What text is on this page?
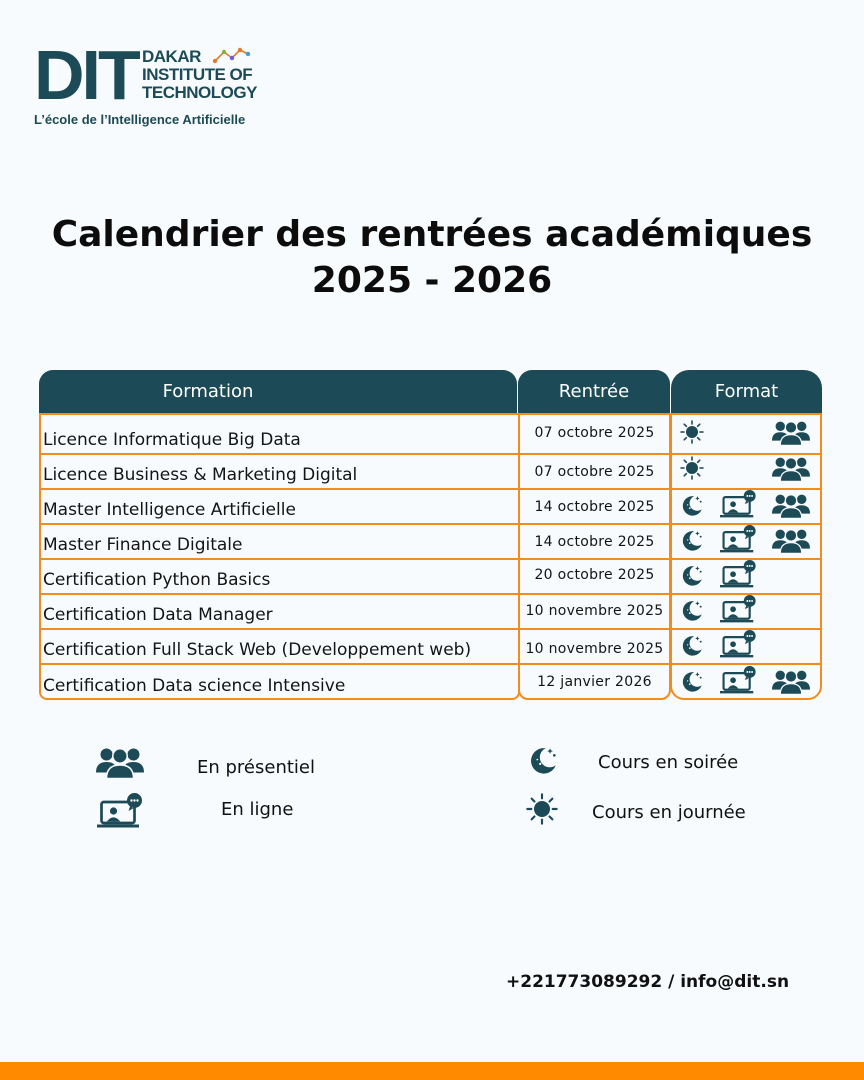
DIT DAKAR
INSTITUTE OF
TECHNOLOGY
L’école de l’Intelligence Artificielle
Calendrier des rentrées académiques
2025 - 2026
Formation	Rentrée	Format
Licence Informatique Big Data	07 octobre 2025
Licence Business & Marketing Digital	07 octobre 2025
Master Intelligence Artificielle	14 octobre 2025
Master Finance Digitale	14 octobre 2025
Certification Python Basics	20 octobre 2025
Certification Data Manager	10 novembre 2025
Certification Full Stack Web (Developpement web)	10 novembre 2025
Certification Data science Intensive	12 janvier 2026
En présentiel
En ligne
Cours en soirée
Cours en journée
+221773089292 / info@dit.sn
